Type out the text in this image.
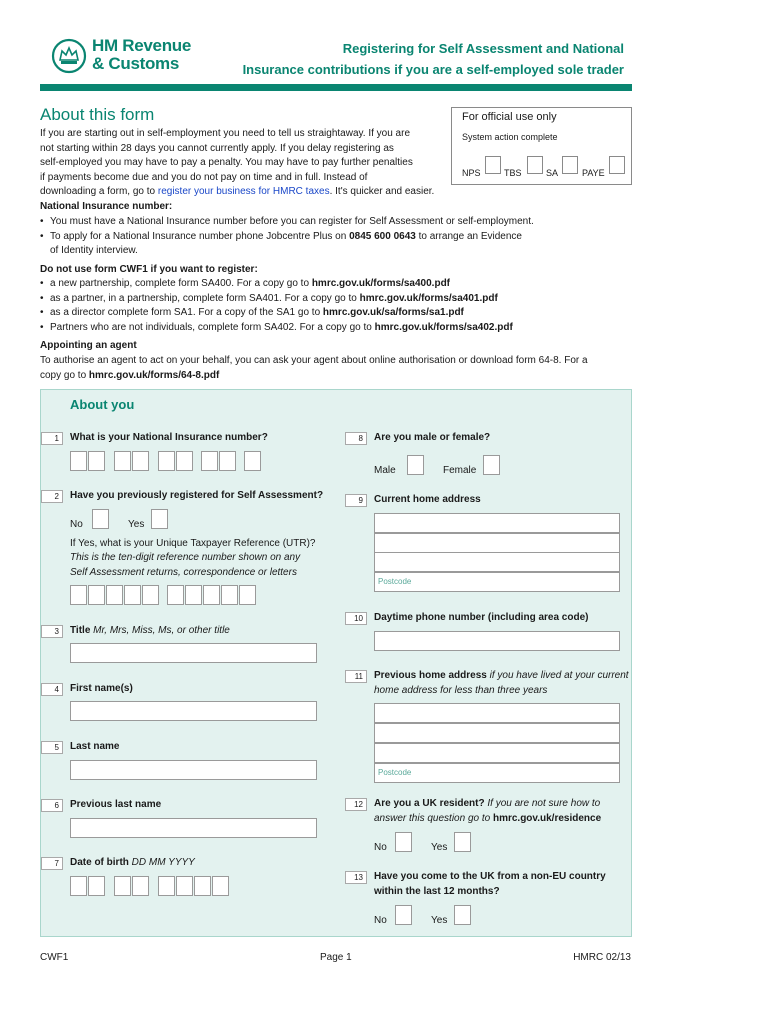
HM Revenue
& Customs
Registering for Self Assessment and National
Insurance contributions if you are a self-employed sole trader
About this form

If you are starting out in self-employment you need to tell us straightaway. If you are
not starting within 28 days you cannot currently apply. If you delay registering as
self-employed you may have to pay a penalty. You may have to pay further penalties
if payments become due and you do not pay on time and in full. Instead of

downloading a form, go to register your business for HMRC taxes. It's quicker and easier.

National Insurance number:

• You must have a National Insurance number before you can register for Self Assessment or self-employment.
• To apply for a National Insurance number phone Jobcentre Plus on 0845 600 0643 to arrange an Evidence
of Identity interview.

Do not use form CWF1 if you want to register:

• a new partnership, complete form SA400. For a copy go to hmrc.gov.uk/forms/sa400.pdf
• as a partner, in a partnership, complete form SA401. For a copy go to hmrc.gov.uk/forms/sa401.pdf
• as a director complete form SA1. For a copy of the SA1 go to hmrc.gov.uk/sa/forms/sa1.pdf
• Partners who are not individuals, complete form SA402. For a copy go to hmrc.gov.uk/forms/sa402.pdf

Appointing an agent

To authorise an agent to act on your behalf, you can ask your agent about online authorisation or download form 64-8. For a
copy go to hmrc.gov.uk/forms/64-8.pdf

For official use only
System action complete
NPS	TBS	SA	PAYE
About you
1	What is your National Insurance number?
2	Have you previously registered for Self Assessment?
No	Yes
If Yes, what is your Unique Taxpayer Reference (UTR)?
This is the ten-digit reference number shown on any
Self Assessment returns, correspondence or letters
3	Title Mr, Mrs, Miss, Ms, or other title
4	First name(s)
5	Last name
6	Previous last name
7	Date of birth DD MM YYYY
8	Are you male or female?
Male	Female
9	Current home address
Postcode
10	Daytime phone number (including area code)
11	Previous home address if you have lived at your current
home address for less than three years
Postcode
12	Are you a UK resident? If you are not sure how to
answer this question go to hmrc.gov.uk/residence
No	Yes
13	Have you come to the UK from a non-EU country
within the last 12 months?
No	Yes
CWF1	Page 1	HMRC 02/13
